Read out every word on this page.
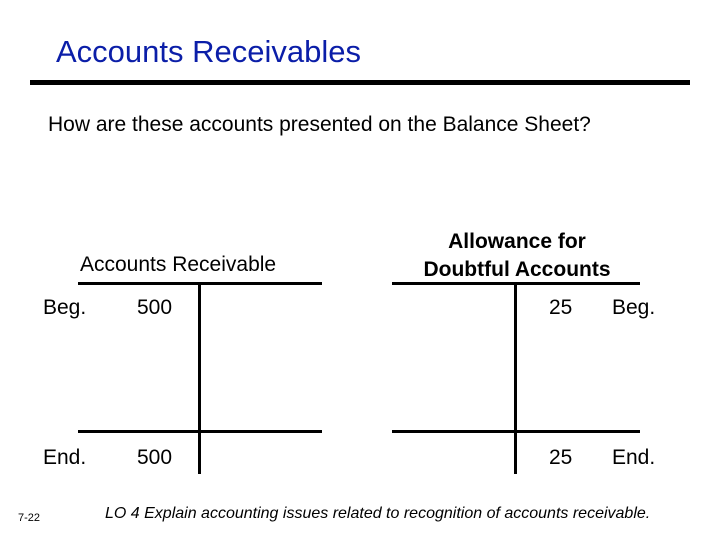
Accounts Receivables
How are these accounts presented on the Balance Sheet?
Accounts Receivable
Beg. 500
End. 500
Allowance for
Doubtful Accounts
25 Beg.
25 End.
7-22	LO 4 Explain accounting issues related to recognition of accounts receivable.
